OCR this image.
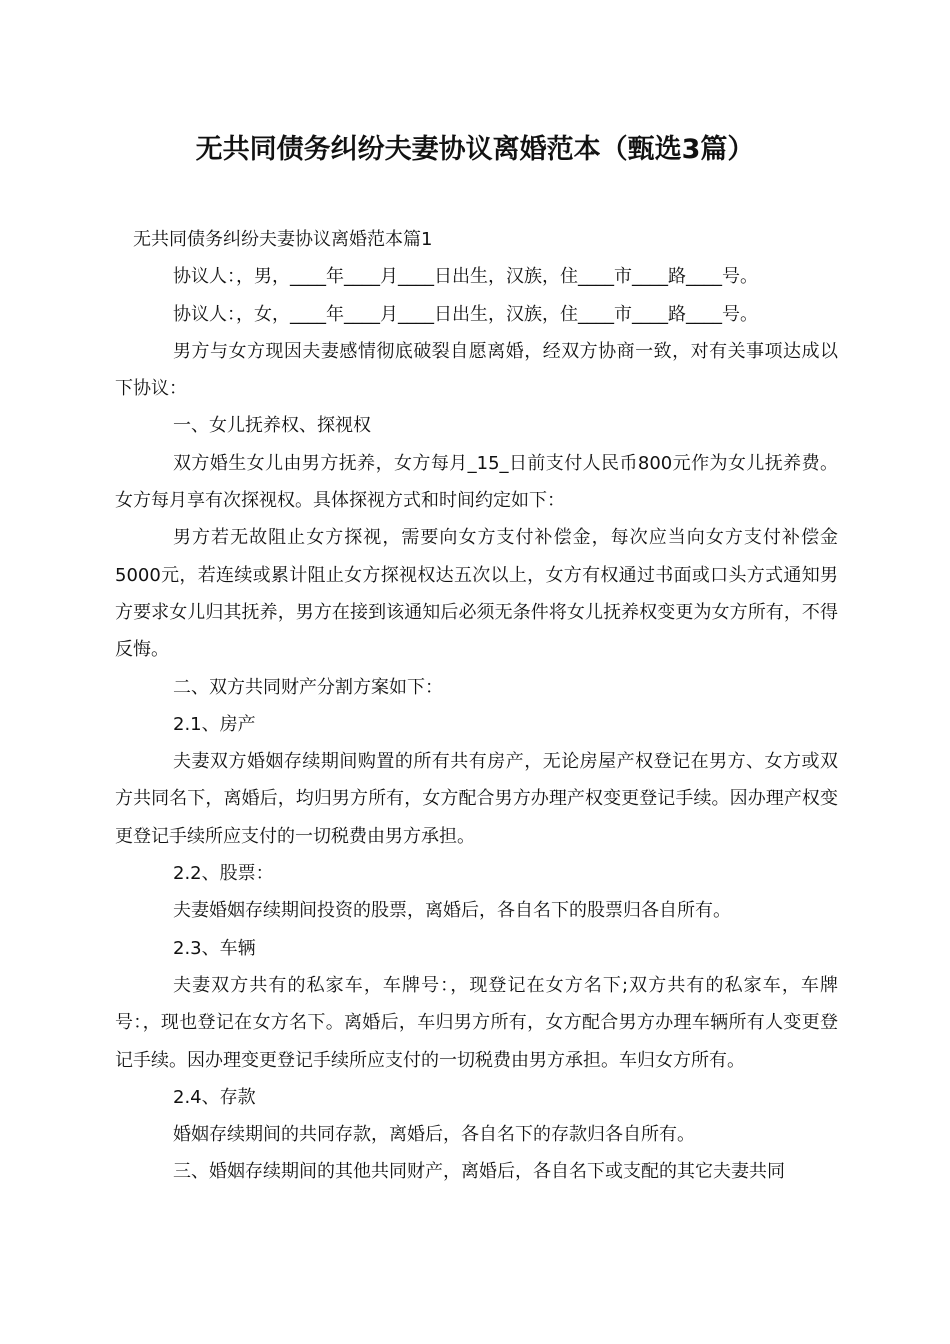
无共同债务纠纷夫妻协议离婚范本（甄选3篇）

无共同债务纠纷夫妻协议离婚范本篇1

协议人：，男，____年____月____日出生，汉族，住____市____路____号。

协议人：，女，____年____月____日出生，汉族，住____市____路____号。

男方与女方现因夫妻感情彻底破裂自愿离婚，经双方协商一致，对有关事项达成以下协议：

一、女儿抚养权、探视权

双方婚生女儿由男方抚养，女方每月_15_日前支付人民币800元作为女儿抚养费。女方每月享有次探视权。具体探视方式和时间约定如下：

男方若无故阻止女方探视，需要向女方支付补偿金，每次应当向女方支付补偿金5000元，若连续或累计阻止女方探视权达五次以上，女方有权通过书面或口头方式通知男方要求女儿归其抚养，男方在接到该通知后必须无条件将女儿抚养权变更为女方所有，不得反悔。

二、双方共同财产分割方案如下：

2.1、房产

夫妻双方婚姻存续期间购置的所有共有房产，无论房屋产权登记在男方、女方或双方共同名下，离婚后，均归男方所有，女方配合男方办理产权变更登记手续。因办理产权变更登记手续所应支付的一切税费由男方承担。

2.2、股票：

夫妻婚姻存续期间投资的股票，离婚后，各自名下的股票归各自所有。

2.3、车辆

夫妻双方共有的私家车，车牌号：，现登记在女方名下;双方共有的私家车，车牌号：，现也登记在女方名下。离婚后，车归男方所有，女方配合男方办理车辆所有人变更登记手续。因办理变更登记手续所应支付的一切税费由男方承担。车归女方所有。

2.4、存款

婚姻存续期间的共同存款，离婚后，各自名下的存款归各自所有。

三、婚姻存续期间的其他共同财产，离婚后，各自名下或支配的其它夫妻共同
